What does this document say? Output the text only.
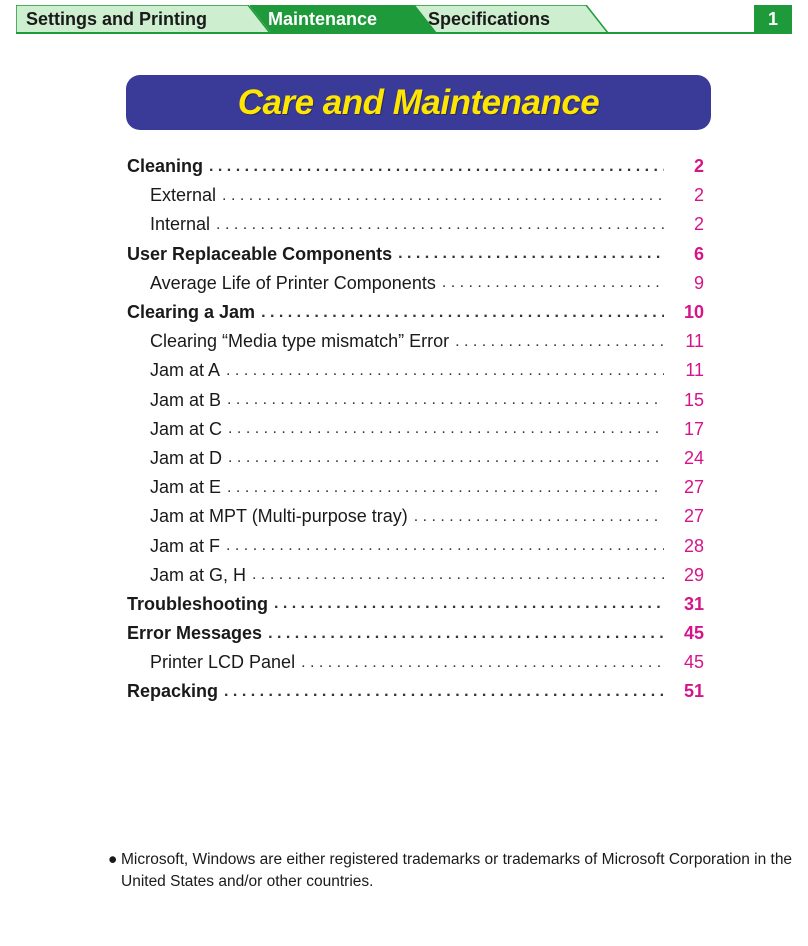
Settings and Printing	Specifications
Maintenance	1
Care and Maintenance
Cleaning . . .	2
External . . .	2
Internal . . .	2
User Replaceable Components . . .	6
Average Life of Printer Components . . .	9
Clearing a Jam . . .	10
Clearing “Media type mismatch” Error . . .	11
Jam at A . . .	11
Jam at B . . .	15
Jam at C . . .	17
Jam at D . . .	24
Jam at E . . .	27
Jam at MPT (Multi-purpose tray) . . .	27
Jam at F . . .	28
Jam at G, H . . .	29
Troubleshooting . . .	31
Error Messages . . .	45
Printer LCD Panel . . .	45
Repacking . . .	51
● Microsoft, Windows are either registered trademarks or trademarks of Microsoft Corporation in the United States and/or other countries.
